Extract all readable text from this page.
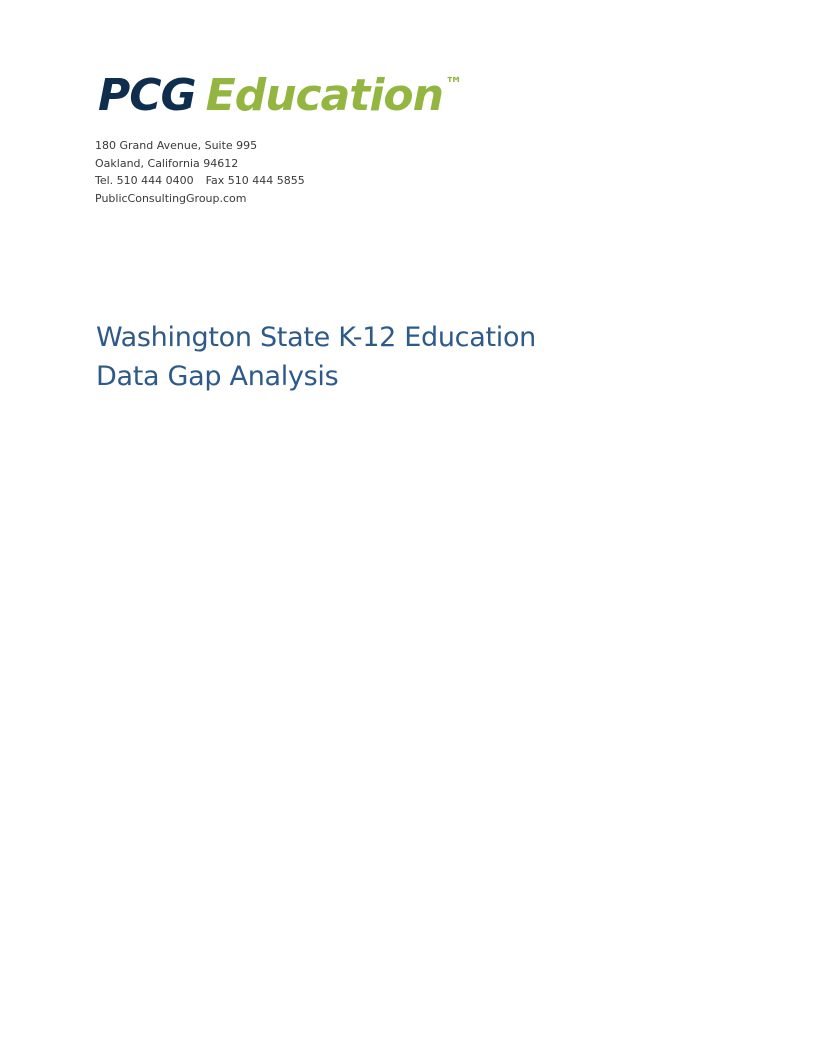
PCG Education ™
180 Grand Avenue, Suite 995
Oakland, California 94612
Tel. 510 444 0400 Fax 510 444 5855
PublicConsultingGroup.com
Washington State K-12 Education
Data Gap Analysis
